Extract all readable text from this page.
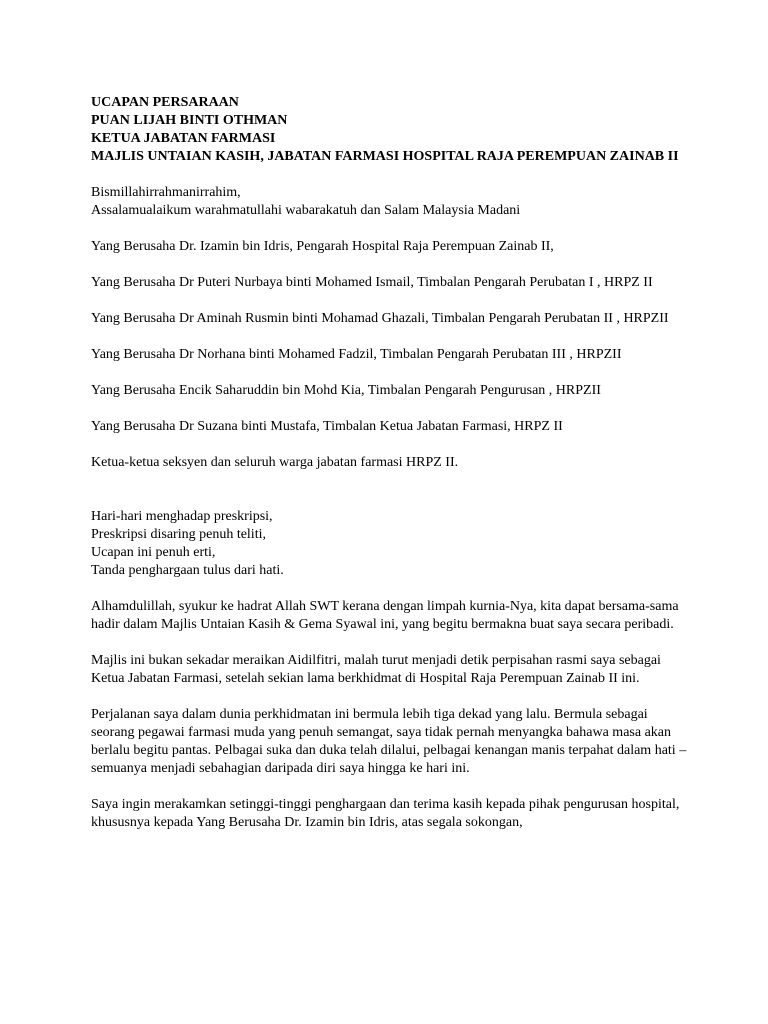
UCAPAN PERSARAAN
PUAN LIJAH BINTI OTHMAN
KETUA JABATAN FARMASI
MAJLIS UNTAIAN KASIH, JABATAN FARMASI HOSPITAL RAJA PEREMPUAN ZAINAB II

Bismillahirrahmanirrahim,

Assalamualaikum warahmatullahi wabarakatuh dan Salam Malaysia Madani

Yang Berusaha Dr. Izamin bin Idris, Pengarah Hospital Raja Perempuan Zainab II,

Yang Berusaha Dr Puteri Nurbaya binti Mohamed Ismail, Timbalan Pengarah Perubatan I , HRPZ II

Yang Berusaha Dr Aminah Rusmin binti Mohamad Ghazali, Timbalan Pengarah Perubatan II , HRPZII

Yang Berusaha Dr Norhana binti Mohamed Fadzil, Timbalan Pengarah Perubatan III , HRPZII

Yang Berusaha Encik Saharuddin bin Mohd Kia, Timbalan Pengarah Pengurusan , HRPZII

Yang Berusaha Dr Suzana binti Mustafa, Timbalan Ketua Jabatan Farmasi, HRPZ II

Ketua-ketua seksyen dan seluruh warga jabatan farmasi HRPZ II.

Hari-hari menghadap preskripsi,

Preskripsi disaring penuh teliti,

Ucapan ini penuh erti,

Tanda penghargaan tulus dari hati.

Alhamdulillah, syukur ke hadrat Allah SWT kerana dengan limpah kurnia-Nya, kita dapat bersama-sama hadir dalam Majlis Untaian Kasih & Gema Syawal ini, yang begitu bermakna buat saya secara peribadi.

Majlis ini bukan sekadar meraikan Aidilfitri, malah turut menjadi detik perpisahan rasmi saya sebagai Ketua Jabatan Farmasi, setelah sekian lama berkhidmat di Hospital Raja Perempuan Zainab II ini.

Perjalanan saya dalam dunia perkhidmatan ini bermula lebih tiga dekad yang lalu. Bermula sebagai seorang pegawai farmasi muda yang penuh semangat, saya tidak pernah menyangka bahawa masa akan berlalu begitu pantas. Pelbagai suka dan duka telah dilalui, pelbagai kenangan manis terpahat dalam hati – semuanya menjadi sebahagian daripada diri saya hingga ke hari ini.

Saya ingin merakamkan setinggi-tinggi penghargaan dan terima kasih kepada pihak pengurusan hospital, khususnya kepada Yang Berusaha Dr. Izamin bin Idris, atas segala sokongan,
